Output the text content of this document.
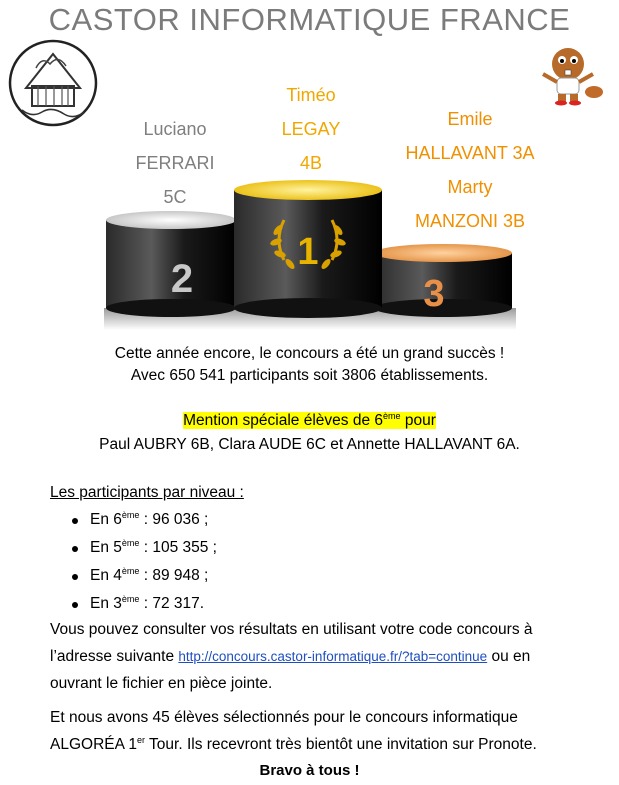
CASTOR INFORMATIQUE FRANCE
Luciano
FERRARI
5C
Timéo
LEGAY
4B
Emile
HALLAVANT 3A
Marty
MANZONI 3B
1
2	3
Cette année encore, le concours a été un grand succès !
Avec 650 541 participants soit 3806 établissements.
Mention spéciale élèves de 6ème pour
Paul AUBRY 6B, Clara AUDE 6C et Annette HALLAVANT 6A.
Les participants par niveau :
En 6ème : 96 036 ;
En 5ème : 105 355 ;
En 4ème : 89 948 ;
En 3ème : 72 317.
Vous pouvez consulter vos résultats en utilisant votre code concours à
l’adresse suivante http://concours.castor-informatique.fr/?tab=continue ou en
ouvrant le fichier en pièce jointe.
Et nous avons 45 élèves sélectionnés pour le concours informatique
ALGORÉA 1er Tour. Ils recevront très bientôt une invitation sur Pronote.
Bravo à tous !
